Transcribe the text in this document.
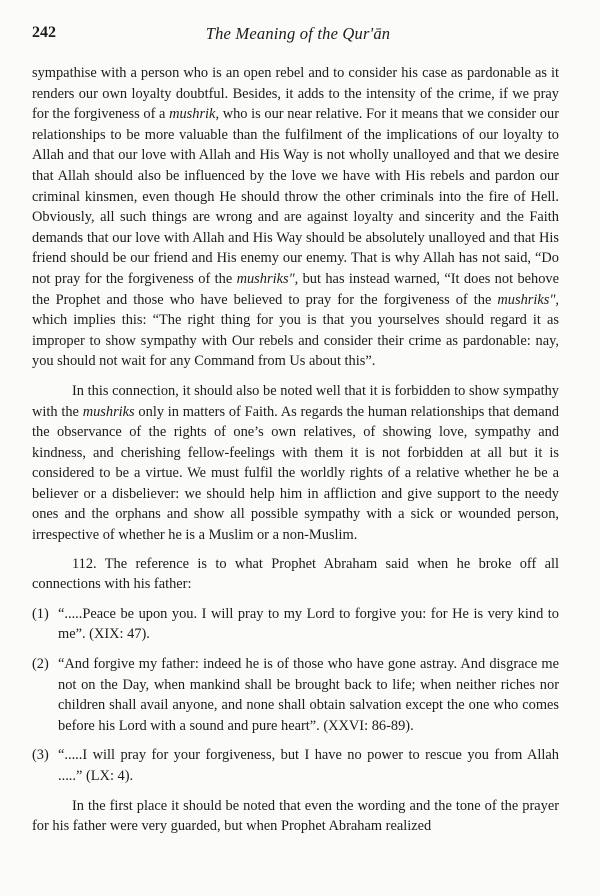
242	The Meaning of the Qur'ān

sympathise with a person who is an open rebel and to consider his case as pardonable as it renders our own loyalty doubtful. Besides, it adds to the intensity of the crime, if we pray for the forgiveness of a mushrik, who is our near relative. For it means that we consider our relationships to be more valuable than the fulfilment of the implications of our loyalty to Allah and that our love with Allah and His Way is not wholly unalloyed and that we desire that Allah should also be influenced by the love we have with His rebels and pardon our criminal kinsmen, even though He should throw the other criminals into the fire of Hell. Obviously, all such things are wrong and are against loyalty and sincerity and the Faith demands that our love with Allah and His Way should be absolutely unalloyed and that His friend should be our friend and His enemy our enemy. That is why Allah has not said, “Do not pray for the forgiveness of the mushriks", but has instead warned, “It does not behove the Prophet and those who have believed to pray for the forgiveness of the mushriks", which implies this: “The right thing for you is that you yourselves should regard it as improper to show sympathy with Our rebels and consider their crime as pardonable: nay, you should not wait for any Command from Us about this”.

In this connection, it should also be noted well that it is forbidden to show sympathy with the mushriks only in matters of Faith. As regards the human relationships that demand the observance of the rights of one’s own relatives, of showing love, sympathy and kindness, and cherishing fellow-feelings with them it is not forbidden at all but it is considered to be a virtue. We must fulfil the worldly rights of a relative whether he be a believer or a disbeliever: we should help him in affliction and give support to the needy ones and the orphans and show all possible sympathy with a sick or wounded person, irrespective of whether he is a Muslim or a non-Muslim.

112. The reference is to what Prophet Abraham said when he broke off all connections with his father:

(1) “.....Peace be upon you. I will pray to my Lord to forgive you: for He is very kind to me”. (XIX: 47).

(2) “And forgive my father: indeed he is of those who have gone astray. And disgrace me not on the Day, when mankind shall be brought back to life; when neither riches nor children shall avail anyone, and none shall obtain salvation except the one who comes before his Lord with a sound and pure heart”. (XXVI: 86-89).

(3) “.....I will pray for your forgiveness, but I have no power to rescue you from Allah .....” (LX: 4).

In the first place it should be noted that even the wording and the tone of the prayer for his father were very guarded, but when Prophet Abraham realized
